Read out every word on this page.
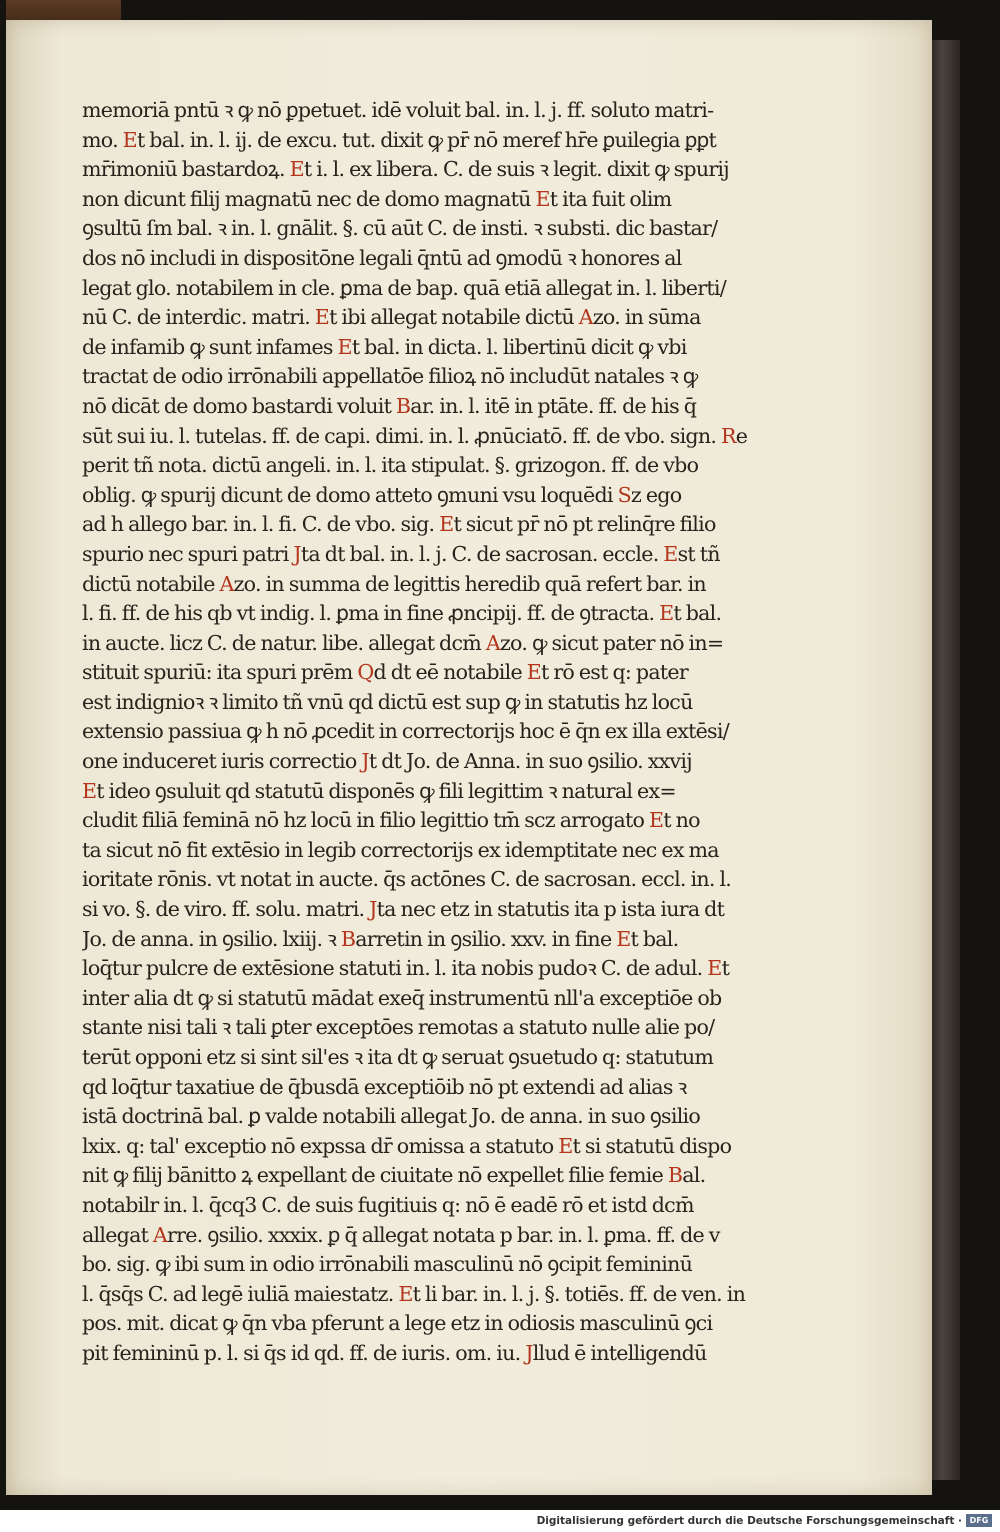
memoriā pntū ꝛ ꝙ nō ꝑpetuet. idē voluit bal. in. l. j. ff. soluto matri-
mo. Et bal. in. l. ij. de excu. tut. dixit ꝙ pr̄ nō meref hr̄e ꝑuilegia ꝑꝑt
mr̄imoniū bastardoꝝ. Et i. l. ex libera. C. de suis ꝛ legit. dixit ꝙ spurij
non dicunt filij magnatū nec de domo magnatū Et ita fuit olim
ꝯsultū ſm bal. ꝛ in. l. gnālit. §. cū aūt C. de insti. ꝛ substi. dic bastar/
dos nō includi in dispositōne legali q̄ntū ad ꝯmodū ꝛ honores al
legat glo. notabilem in cle. ꝑma de bap. quā etiā allegat in. l. liberti/
nū C. de interdic. matri. Et ibi allegat notabile dictū Azo. in sūma
de infamib ꝙ sunt infames Et bal. in dicta. l. libertinū dicit ꝙ vbi
tractat de odio irrōnabili appellatōe filioꝝ nō includūt natales ꝛ ꝙ
nō dicāt de domo bastardi voluit Bar. in. l. itē in ptāte. ff. de his q̄
sūt sui iu. l. tutelas. ff. de capi. dimi. in. l. ꝓnūciatō. ff. de vbo. sign. Re
perit tñ nota. dictū angeli. in. l. ita stipulat. §. grizogon. ff. de vbo
oblig. ꝙ spurij dicunt de domo atteto ꝯmuni vsu loquēdi Sz ego
ad h allego bar. in. l. fi. C. de vbo. sig. Et sicut pr̄ nō pt relinq̄re filio
spurio nec spuri patri Jta dt bal. in. l. j. C. de sacrosan. eccle. Est tñ
dictū notabile Azo. in summa de legittis heredib quā refert bar. in
l. fi. ff. de his qb vt indig. l. ꝑma in fine ꝓncipij. ff. de ꝯtracta. Et bal.
in aucte. licz C. de natur. libe. allegat dcm̄ Azo. ꝙ sicut pater nō in=
stituit spuriū: ita spuri prēm Qd dt eē notabile Et rō est q: pater
est indignioꝛ ꝛ limito tñ vnū qd dictū est sup ꝙ in statutis hz locū
extensio passiua ꝙ h nō ꝓcedit in correctorijs hoc ē q̄n ex illa extēsi/
one induceret iuris correctio Jt dt Jo. de Anna. in suo ꝯsilio. xxvij
Et ideo ꝯsuluit qd statutū disponēs ꝙ fili legittim ꝛ natural ex=
cludit filiā feminā nō hz locū in filio legittio tm̄ scz arrogato Et no
ta sicut nō fit extēsio in legib correctorijs ex idemptitate nec ex ma
ioritate rōnis. vt notat in aucte. q̄s actōnes C. de sacrosan. eccl. in. l.
si vo. §. de viro. ff. solu. matri. Jta nec etz in statutis ita p ista iura dt
Jo. de anna. in ꝯsilio. lxiij. ꝛ Barretin in ꝯsilio. xxv. in fine Et bal.
loq̄tur pulcre de extēsione statuti in. l. ita nobis pudoꝛ C. de adul. Et
inter alia dt ꝙ si statutū mādat exeq̄ instrumentū nll'a exceptiōe ob
stante nisi tali ꝛ tali ꝑter exceptōes remotas a statuto nulle alie po/
terūt opponi etz si sint sil'es ꝛ ita dt ꝙ seruat ꝯsuetudo q: statutum
qd loq̄tur taxatiue de q̄busdā exceptiōib nō pt extendi ad alias ꝛ
istā doctrinā bal. ꝑ valde notabili allegat Jo. de anna. in suo ꝯsilio
lxix. q: tal' exceptio nō expssa dr̄ omissa a statuto Et si statutū dispo
nit ꝙ filij bānitto ꝝ expellant de ciuitate nō expellet filie femie Bal.
notabilr in. l. q̄cq3 C. de suis fugitiuis q: nō ē eadē rō et istd dcm̄
allegat Arre. ꝯsilio. xxxix. ꝑ q̄ allegat notata p bar. in. l. ꝑma. ff. de v
bo. sig. ꝙ ibi sum in odio irrōnabili masculinū nō ꝯcipit femininū
l. q̄sq̄s C. ad legē iuliā maiestatz. Et li bar. in. l. j. §. totiēs. ff. de ven. in
pos. mit. dicat ꝙ q̄n vba pferunt a lege etz in odiosis masculinū ꝯci
pit femininū p. l. si q̄s id qd. ff. de iuris. om. iu. Jllud ē intelligendū
Digitalisierung gefördert durch die Deutsche Forschungsgemeinschaft · DFG
